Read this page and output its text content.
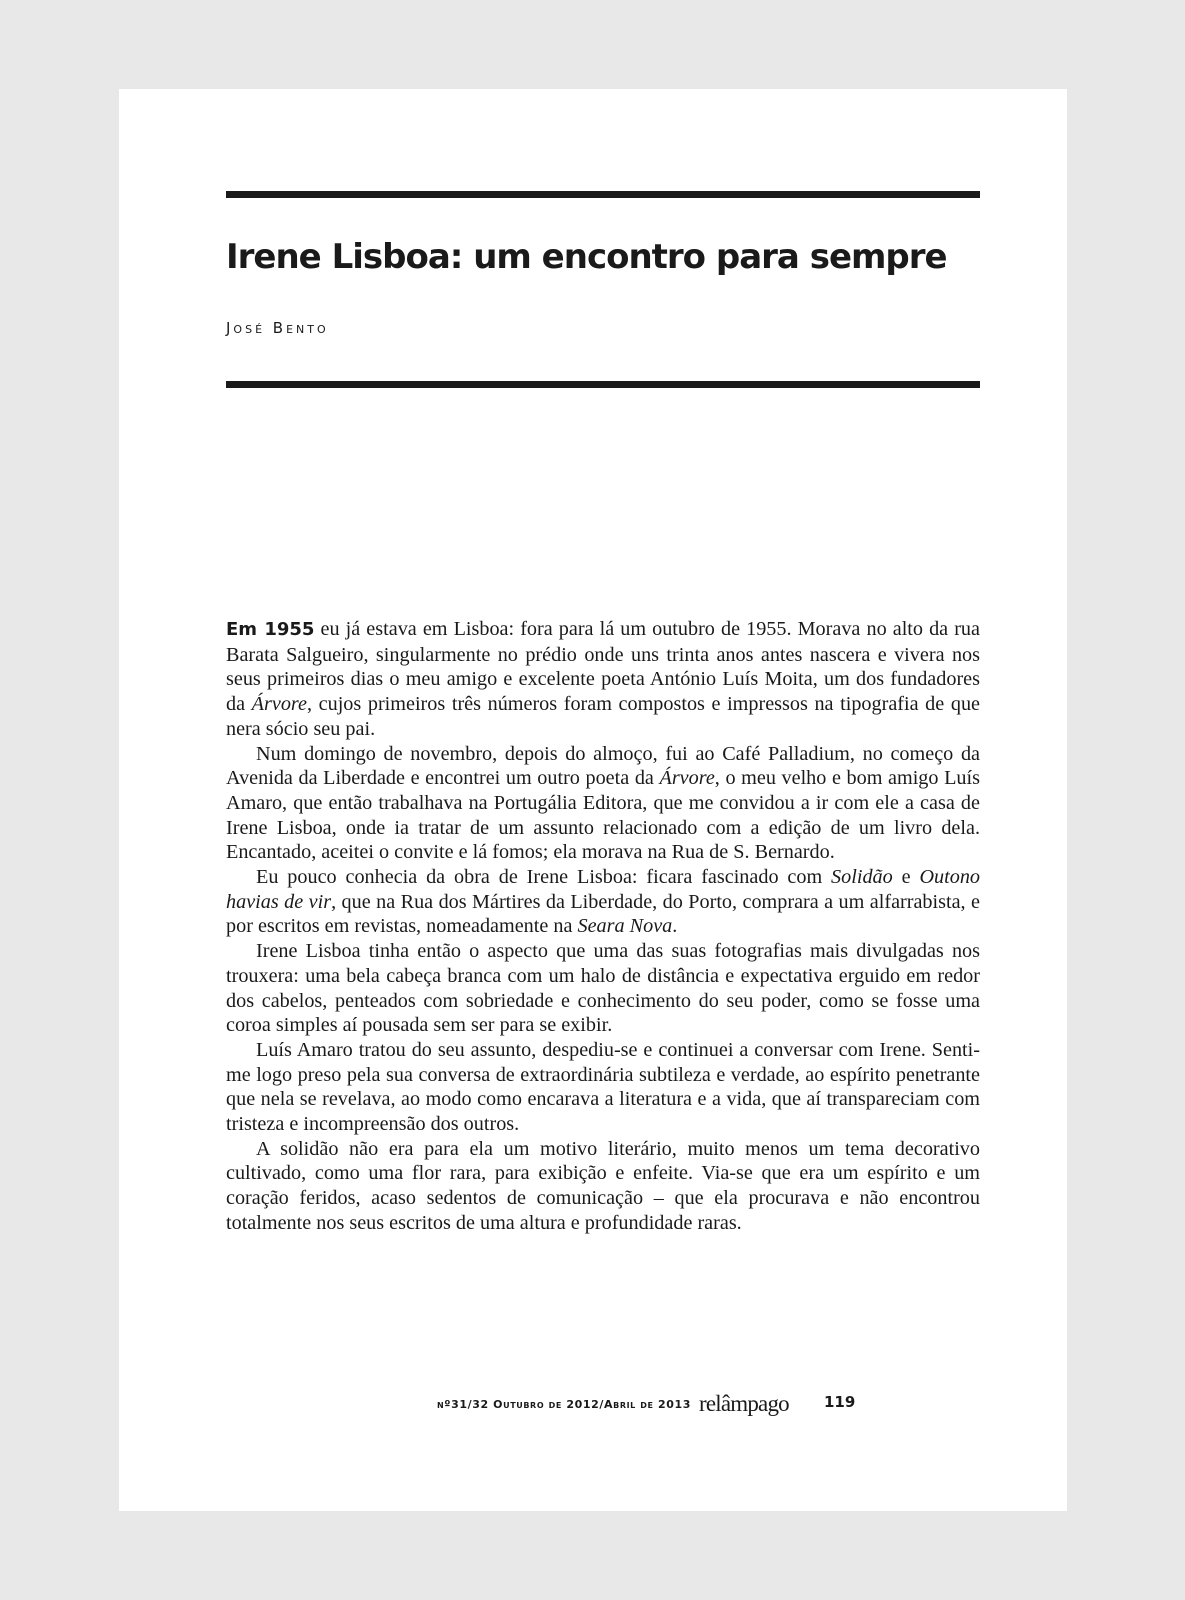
Irene Lisboa: um encontro para sempre
José Bento

Em 1955 eu já estava em Lisboa: fora para lá um outubro de 1955. Morava no alto da rua Barata Salgueiro, singularmente no prédio onde uns trinta anos antes nascera e vivera nos seus primeiros dias o meu amigo e excelente poeta António Luís Moita, um dos fundadores da Árvore, cujos primeiros três números foram compostos e impressos na tipografia de que nera sócio seu pai.

Num domingo de novembro, depois do almoço, fui ao Café Palladium, no começo da Avenida da Liberdade e encontrei um outro poeta da Árvore, o meu velho e bom amigo Luís Amaro, que então trabalhava na Portugália Editora, que me convidou a ir com ele a casa de Irene Lisboa, onde ia tratar de um assunto relacionado com a edição de um livro dela. Encantado, aceitei o convite e lá fomos; ela morava na Rua de S. Bernardo.

Eu pouco conhecia da obra de Irene Lisboa: ficara fascinado com Solidão e Outono havias de vir, que na Rua dos Mártires da Liberdade, do Porto, comprara a um alfarrabista, e por escritos em revistas, nomeadamente na Seara Nova.

Irene Lisboa tinha então o aspecto que uma das suas fotografias mais divulgadas nos trouxera: uma bela cabeça branca com um halo de distância e expectativa erguido em redor dos cabelos, penteados com sobriedade e conhecimento do seu poder, como se fosse uma coroa simples aí pousada sem ser para se exibir.

Luís Amaro tratou do seu assunto, despediu-se e continuei a conversar com Irene. Senti-me logo preso pela sua conversa de extraordinária subtileza e verdade, ao espírito penetrante que nela se revelava, ao modo como encarava a literatura e a vida, que aí transpareciam com tristeza e incompreensão dos outros.

A solidão não era para ela um motivo literário, muito menos um tema decorativo cultivado, como uma flor rara, para exibição e enfeite. Via-se que era um espírito e um coração feridos, acaso sedentos de comunicação – que ela procurava e não encontrou totalmente nos seus escritos de uma altura e profundidade raras.

nº31/32 Outubro de 2012/Abril de 2013 relâmpago 119
